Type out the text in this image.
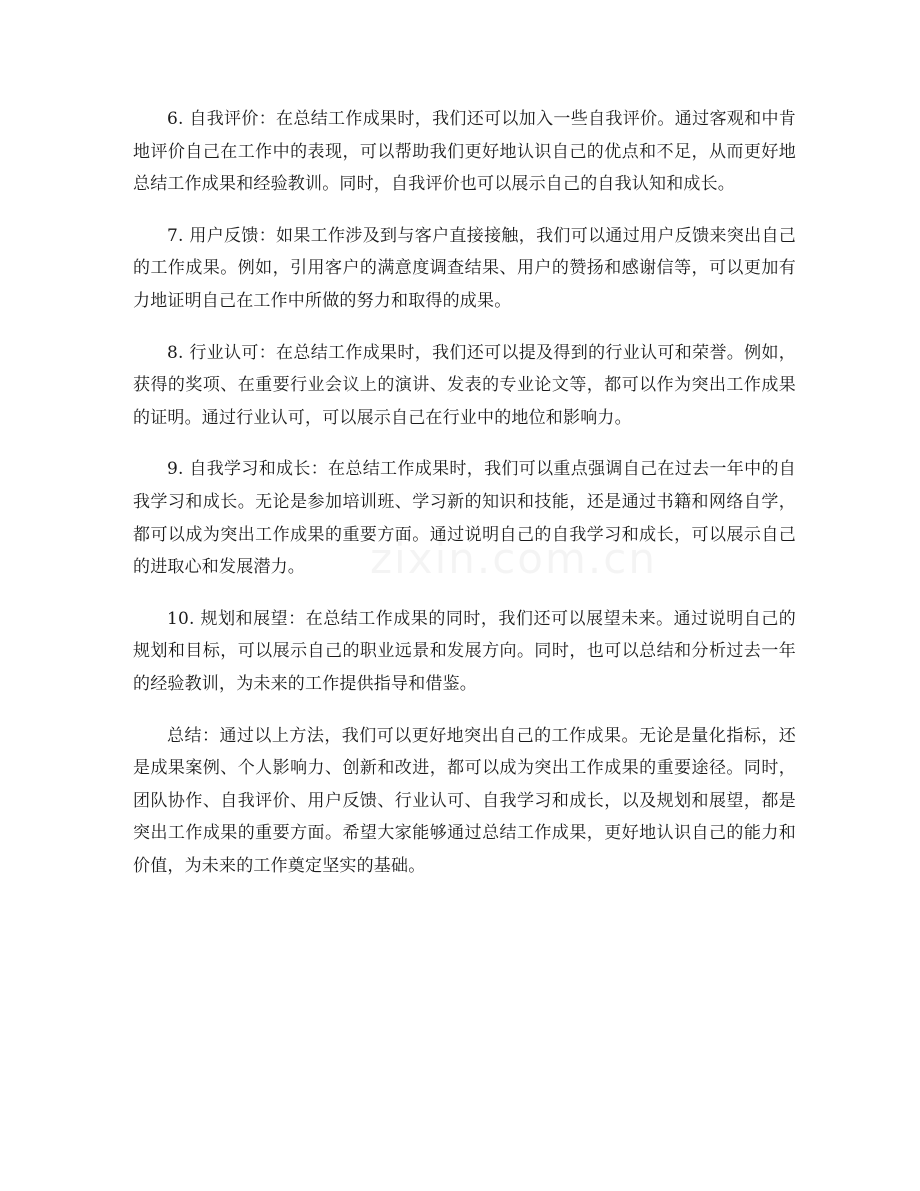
6. 自我评价：在总结工作成果时，我们还可以加入一些自我评价。通过客观和中肯地评价自己在工作中的表现，可以帮助我们更好地认识自己的优点和不足，从而更好地总结工作成果和经验教训。同时，自我评价也可以展示自己的自我认知和成长。

7. 用户反馈：如果工作涉及到与客户直接接触，我们可以通过用户反馈来突出自己的工作成果。例如，引用客户的满意度调查结果、用户的赞扬和感谢信等，可以更加有力地证明自己在工作中所做的努力和取得的成果。

8. 行业认可：在总结工作成果时，我们还可以提及得到的行业认可和荣誉。例如，获得的奖项、在重要行业会议上的演讲、发表的专业论文等，都可以作为突出工作成果的证明。通过行业认可，可以展示自己在行业中的地位和影响力。

9. 自我学习和成长：在总结工作成果时，我们可以重点强调自己在过去一年中的自我学习和成长。无论是参加培训班、学习新的知识和技能，还是通过书籍和网络自学，都可以成为突出工作成果的重要方面。通过说明自己的自我学习和成长，可以展示自己的进取心和发展潜力。

10. 规划和展望：在总结工作成果的同时，我们还可以展望未来。通过说明自己的规划和目标，可以展示自己的职业远景和发展方向。同时，也可以总结和分析过去一年的经验教训，为未来的工作提供指导和借鉴。

总结：通过以上方法，我们可以更好地突出自己的工作成果。无论是量化指标，还是成果案例、个人影响力、创新和改进，都可以成为突出工作成果的重要途径。同时，团队协作、自我评价、用户反馈、行业认可、自我学习和成长，以及规划和展望，都是突出工作成果的重要方面。希望大家能够通过总结工作成果，更好地认识自己的能力和价值，为未来的工作奠定坚实的基础。
